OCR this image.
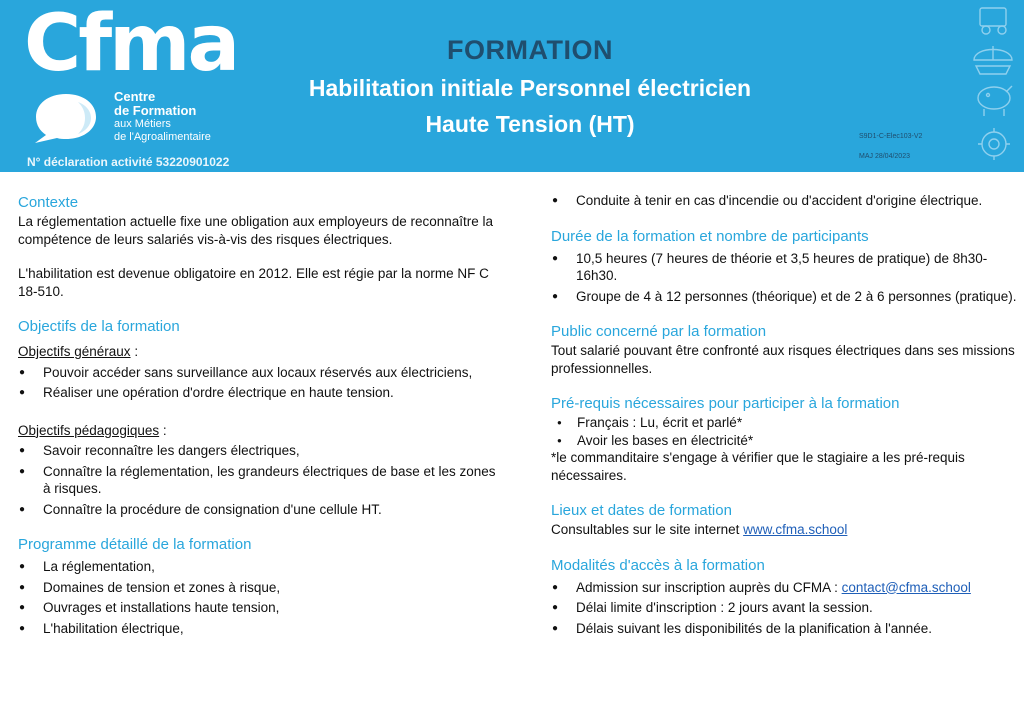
Cfma
Centre
de Formation
aux Métiers
de l'Agroalimentaire
N° déclaration activité 53220901022
FORMATION
Habilitation initiale Personnel électricien
Haute Tension (HT)	S9D1-C-Elec103-V2
MAJ 28/04/2023
Contexte

La réglementation actuelle fixe une obligation aux employeurs de reconnaître la compétence de leurs salariés vis-à-vis des risques électriques.

L'habilitation est devenue obligatoire en 2012. Elle est régie par la norme NF C 18-510.

Objectifs de la formation

Objectifs généraux :

● Pouvoir accéder sans surveillance aux locaux réservés aux électriciens,
● Réaliser une opération d'ordre électrique en haute tension.

Objectifs pédagogiques :

● Savoir reconnaître les dangers électriques,
● Connaître la réglementation, les grandeurs électriques de base et les zones à risques.
● Connaître la procédure de consignation d'une cellule HT.
Programme détaillé de la formation
● La réglementation,
● Domaines de tension et zones à risque,
● Ouvrages et installations haute tension,
● L'habilitation électrique,
● Conduite à tenir en cas d'incendie ou d'accident d'origine électrique.
Durée de la formation et nombre de participants
● 10,5 heures (7 heures de théorie et 3,5 heures de pratique) de 8h30-16h30.
● Groupe de 4 à 12 personnes (théorique) et de 2 à 6 personnes (pratique).
Public concerné par la formation

Tout salarié pouvant être confronté aux risques électriques dans ses missions professionnelles.

Pré-requis nécessaires pour participer à la formation
● Français : Lu, écrit et parlé*
● Avoir les bases en électricité*

*le commanditaire s'engage à vérifier que le stagiaire a les pré-requis nécessaires.

Lieux et dates de formation

Consultables sur le site internet www.cfma.school

Modalités d'accès à la formation
● Admission sur inscription auprès du CFMA : contact@cfma.school
● Délai limite d'inscription : 2 jours avant la session.
● Délais suivant les disponibilités de la planification à l'année.
